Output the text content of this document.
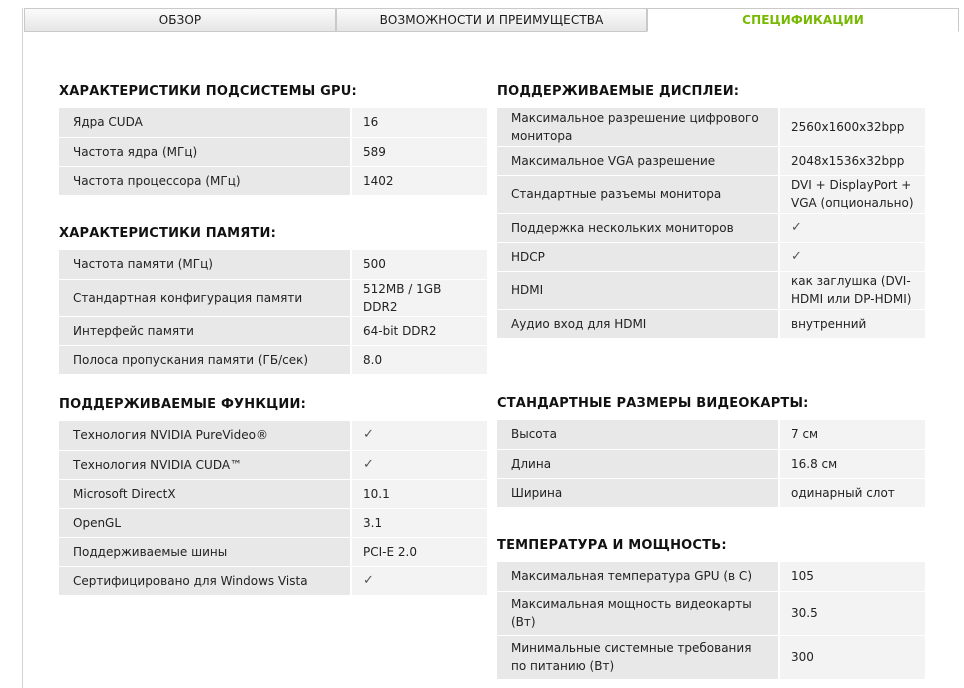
ОБЗОР	ВОЗМОЖНОСТИ И ПРЕИМУЩЕСТВА	СПЕЦИФИКАЦИИ
ХАРАКТЕРИСТИКИ ПОДСИСТЕМЫ GPU:
Ядра CUDA	16
Частота ядра (МГц)	589
Частота процессора (МГц)	1402
ХАРАКТЕРИСТИКИ ПАМЯТИ:
Частота памяти (МГц)	500
Стандартная конфигурация памяти	512MB / 1GB DDR2
Интерфейс памяти	64-bit DDR2
Полоса пропускания памяти (ГБ/сек)	8.0
ПОДДЕРЖИВАЕМЫЕ ФУНКЦИИ:
Технология NVIDIA PureVideo®	✓
Технология NVIDIA CUDA™	✓
Microsoft DirectX	10.1
OpenGL	3.1
Поддерживаемые шины	PCI-E 2.0
Сертифицировано для Windows Vista	✓
ПОДДЕРЖИВАЕМЫЕ ДИСПЛЕИ:
Максимальное разрешение цифрового монитора	2560x1600x32bpp
Максимальное VGA разрешение	2048x1536x32bpp
Стандартные разъемы монитора	DVI + DisplayPort + VGA (опционально)
Поддержка нескольких мониторов	✓
HDCP	✓
HDMI	как заглушка (DVI-HDMI или DP-HDMI)
Аудио вход для HDMI	внутренний
СТАНДАРТНЫЕ РАЗМЕРЫ ВИДЕОКАРТЫ:
Высота	7 см
Длина	16.8 см
Ширина	одинарный слот
ТЕМПЕРАТУРА И МОЩНОСТЬ:
Максимальная температура GPU (в C)	105
Максимальная мощность видеокарты (Вт)	30.5
Минимальные системные требования по питанию (Вт)	300
